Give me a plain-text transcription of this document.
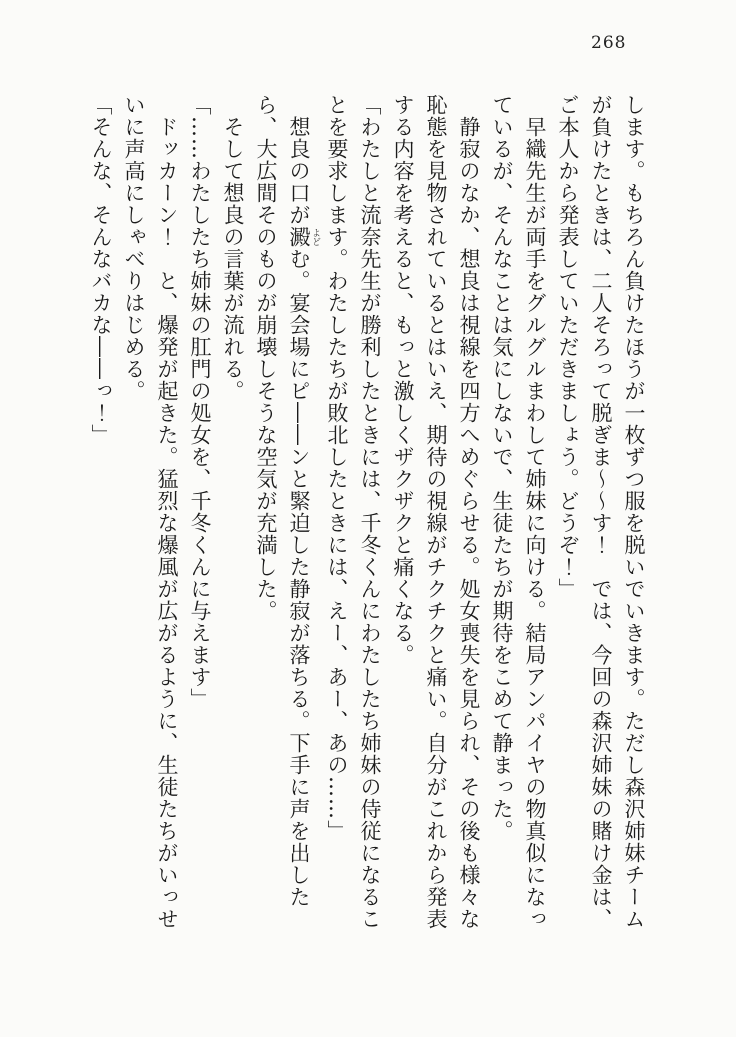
268

します。もちろん負けたほうが一枚ずつ服を脱いでいきます。ただし森沢姉妹チーム

が負けたときは、二人そろって脱ぎま～～す！　では、今回の森沢姉妹の賭け金は、

ご本人から発表していただきましょう。どうぞ！」

　早織先生が両手をグルグルまわして姉妹に向ける。結局アンパイヤの物真似になっ

ているが、そんなことは気にしないで、生徒たちが期待をこめて静まった。

　静寂のなか、想良は視線を四方へめぐらせる。処女喪失を見られ、その後も様々な

恥態を見物されているとはいえ、期待の視線がチクチクと痛い。自分がこれから発表

する内容を考えると、もっと激しくザクザクと痛くなる。

「わたしと流奈先生が勝利したときには、千冬くんにわたしたち姉妹の侍従になるこ

とを要求します。わたしたちが敗北したときには、えー、あー、あの……」

　想良の口が澱 よどむ。宴会場にピ――ンと緊迫した静寂が落ちる。下手に声を出した

ら、大広間そのものが崩壊しそうな空気が充満した。

　そして想良の言葉が流れる。

「……わたしたち姉妹の肛門の処女を、千冬くんに与えます」

　ドッカーン！　と、爆発が起きた。猛烈な爆風が広がるように、生徒たちがいっせ

いに声高にしゃべりはじめる。

「そんな、そんなバカな――っ！」
